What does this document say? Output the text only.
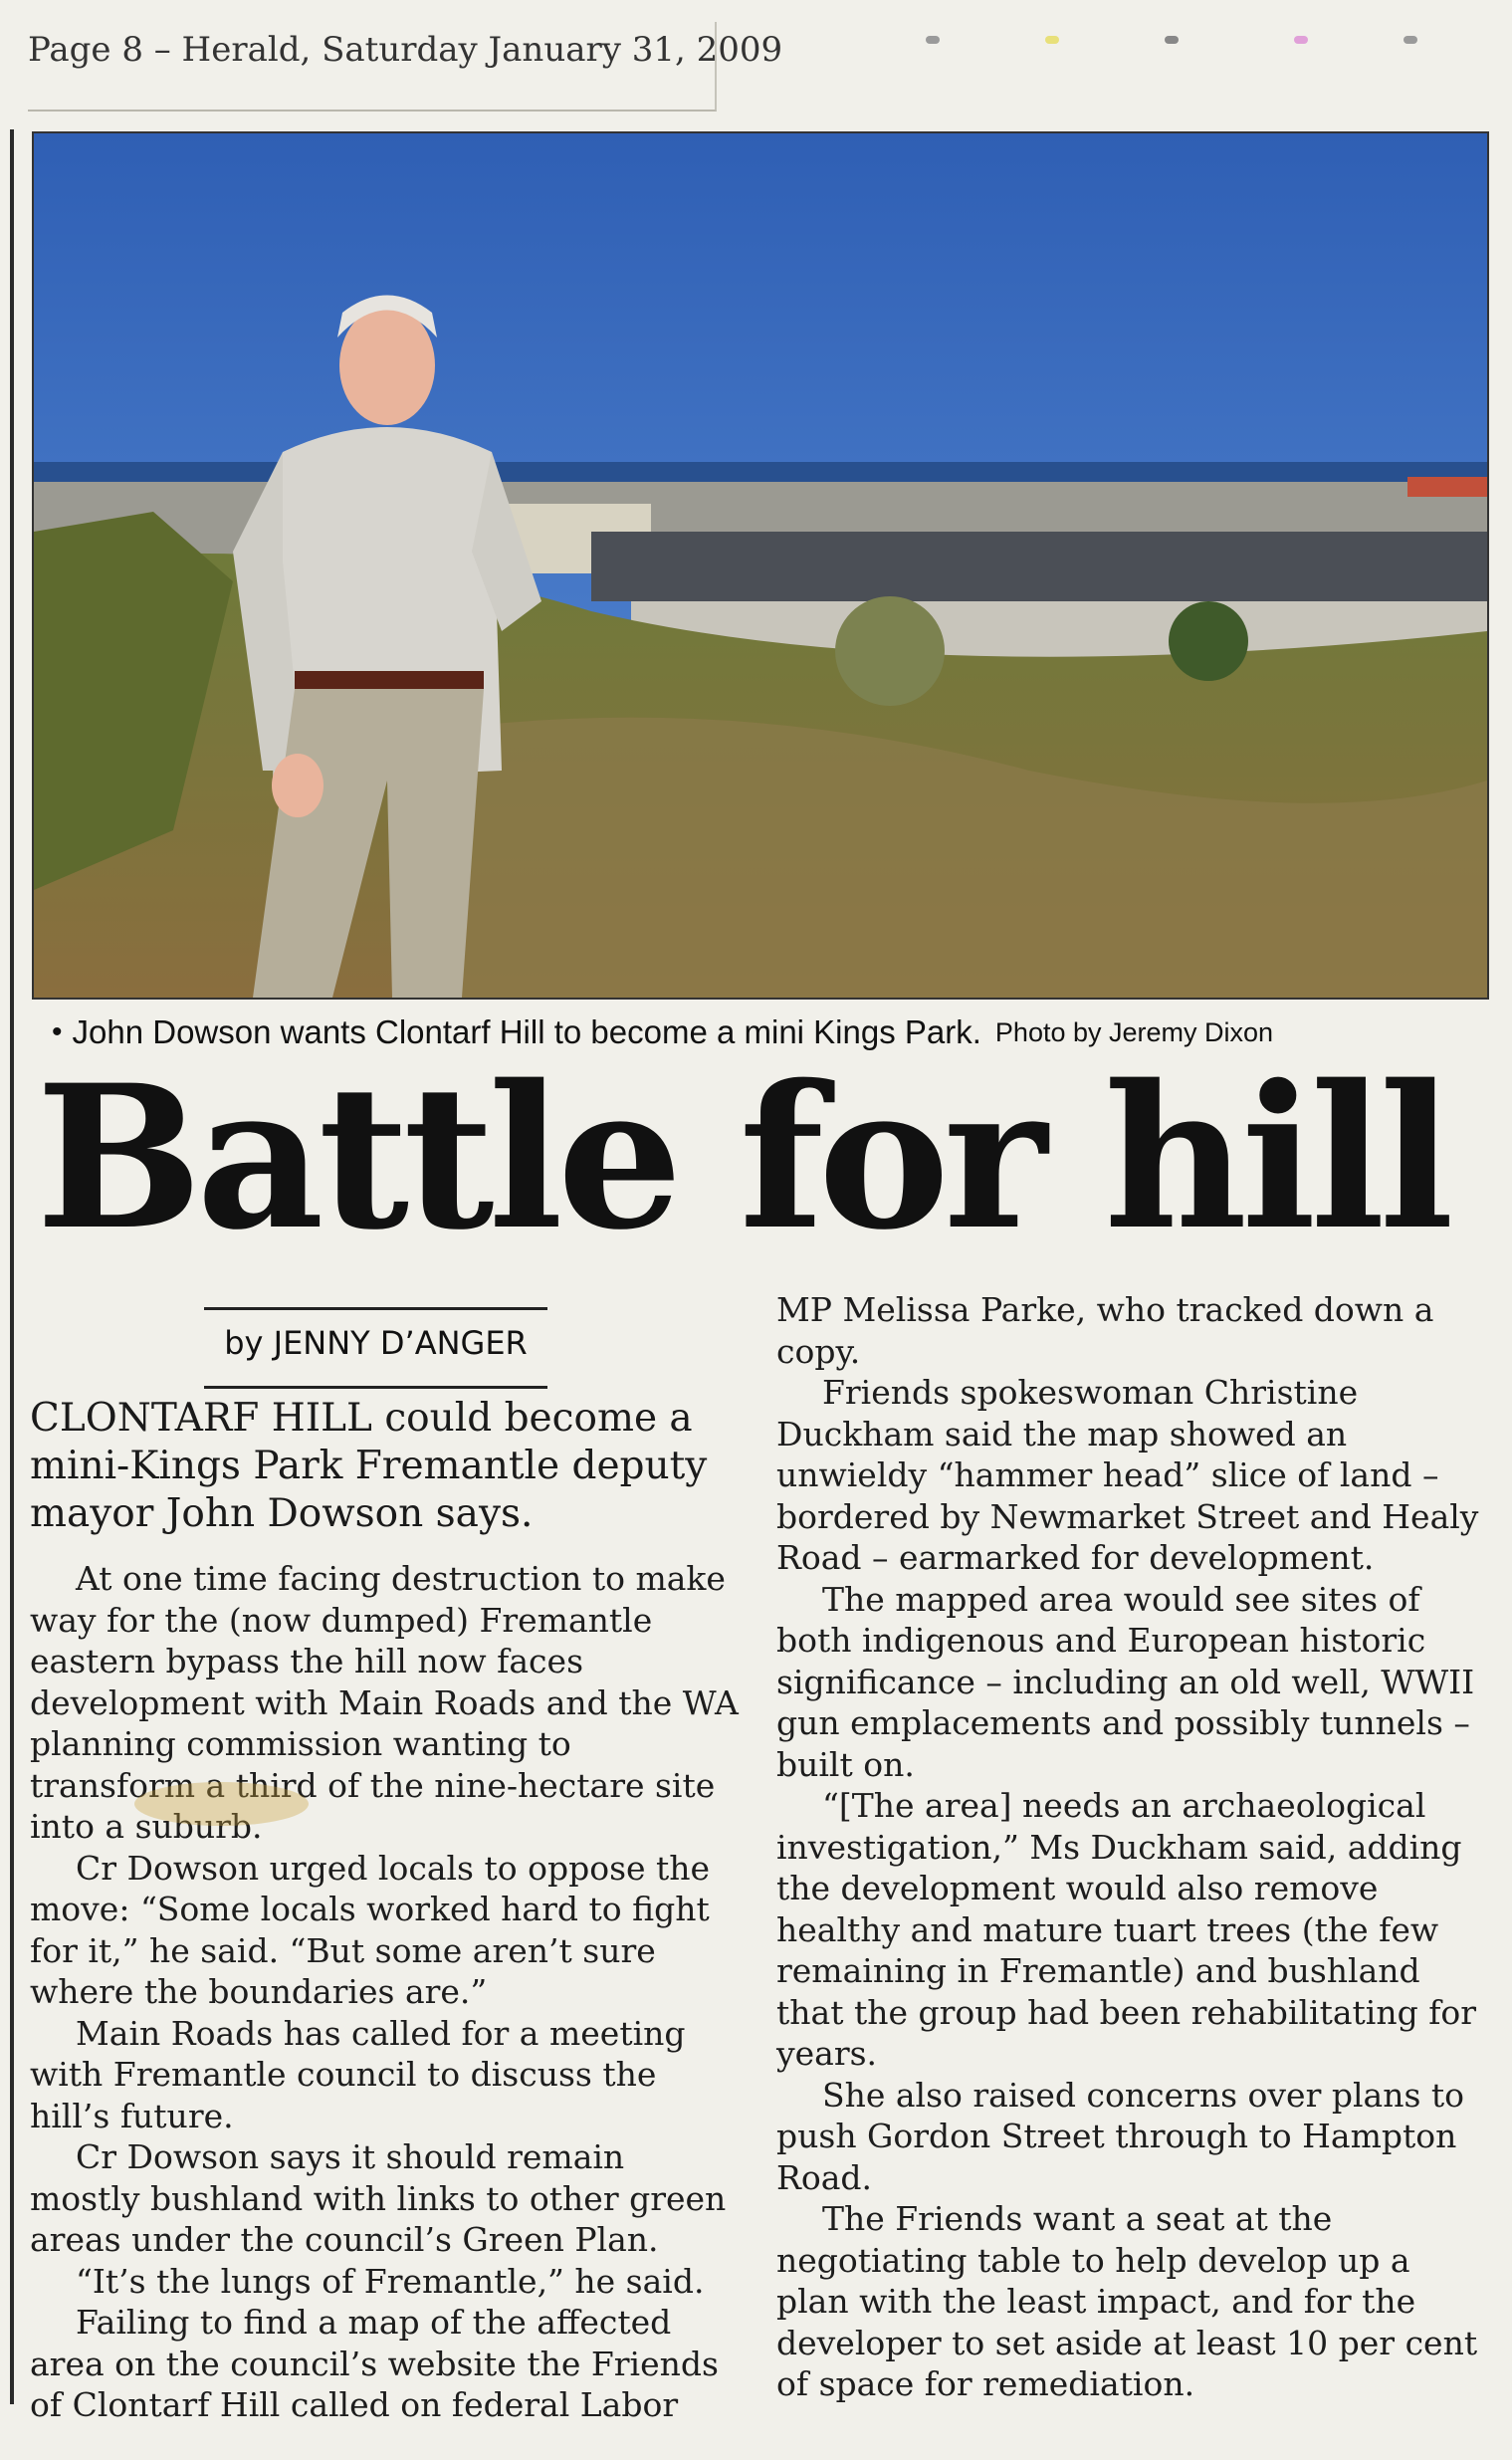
Page 8 – Herald, Saturday January 31, 2009
• John Dowson wants Clontarf Hill to become a mini Kings Park. Photo by Jeremy Dixon
Battle for hill
by JENNY D’ANGER
CLONTARF HILL could become a mini-Kings Park Fremantle deputy mayor John Dowson says.

At one time facing destruction to make way for the (now dumped) Fremantle eastern bypass the hill now faces development with Main Roads and the WA planning commission wanting to transform a third of the nine-hectare site into a suburb.

Cr Dowson urged locals to oppose the move: “Some locals worked hard to fight for it,” he said. “But some aren’t sure where the boundaries are.”

Main Roads has called for a meeting with Fremantle council to discuss the hill’s future.

Cr Dowson says it should remain mostly bushland with links to other green areas under the council’s Green Plan.

“It’s the lungs of Fremantle,” he said.

Failing to find a map of the affected area on the council’s website the Friends of Clontarf Hill called on federal Labor

MP Melissa Parke, who tracked down a copy.

Friends spokeswoman Christine Duckham said the map showed an unwieldy “hammer head” slice of land – bordered by Newmarket Street and Healy Road – earmarked for development.

The mapped area would see sites of both indigenous and European historic significance – including an old well, WWII gun emplacements and possibly tunnels – built on.

“[The area] needs an archaeological investigation,” Ms Duckham said, adding the development would also remove healthy and mature tuart trees (the few remaining in Fremantle) and bushland that the group had been rehabilitating for years.

She also raised concerns over plans to push Gordon Street through to Hampton Road.

The Friends want a seat at the negotiating table to help develop up a plan with the least impact, and for the developer to set aside at least 10 per cent of space for remediation.
